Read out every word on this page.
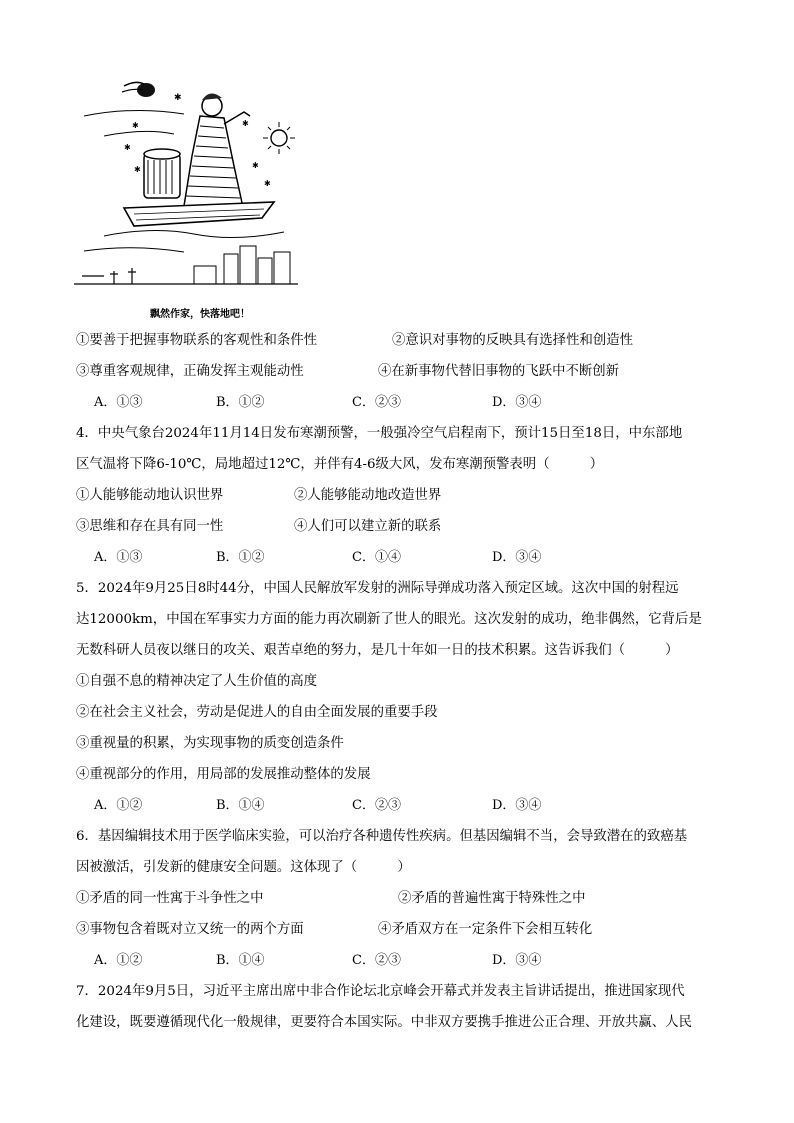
✱
✱
✱
✱
✱
✱
✱
飘然作家，快落地吧！
①要善于把握事物联系的客观性和条件性	②意识对事物的反映具有选择性和创造性
③尊重客观规律，正确发挥主观能动性	④在新事物代替旧事物的飞跃中不断创新
A．①③	B．①②	C．②③	D．③④
4．中央气象台2024年11月14日发布寒潮预警，一般强冷空气启程南下，预计15日至18日，中东部地
区气温将下降6-10℃，局地超过12℃，并伴有4-6级大风，发布寒潮预警表明（　　　）
①人能够能动地认识世界	②人能够能动地改造世界
③思维和存在具有同一性	④人们可以建立新的联系
A．①③	B．①②	C．①④	D．③④
5．2024年9月25日8时44分，中国人民解放军发射的洲际导弹成功落入预定区域。这次中国的射程远
达12000km，中国在军事实力方面的能力再次刷新了世人的眼光。这次发射的成功，绝非偶然，它背后是
无数科研人员夜以继日的攻关、艰苦卓绝的努力，是几十年如一日的技术积累。这告诉我们（　　　）
①自强不息的精神决定了人生价值的高度
②在社会主义社会，劳动是促进人的自由全面发展的重要手段
③重视量的积累，为实现事物的质变创造条件
④重视部分的作用，用局部的发展推动整体的发展
A．①②	B．①④	C．②③	D．③④
6．基因编辑技术用于医学临床实验，可以治疗各种遗传性疾病。但基因编辑不当，会导致潜在的致癌基
因被激活，引发新的健康安全问题。这体现了（　　　）
①矛盾的同一性寓于斗争性之中	②矛盾的普遍性寓于特殊性之中
③事物包含着既对立又统一的两个方面	④矛盾双方在一定条件下会相互转化
A．①②	B．①④	C．②③	D．③④
7．2024年9月5日，习近平主席出席中非合作论坛北京峰会开幕式并发表主旨讲话提出，推进国家现代
化建设，既要遵循现代化一般规律，更要符合本国实际。中非双方要携手推进公正合理、开放共赢、人民
